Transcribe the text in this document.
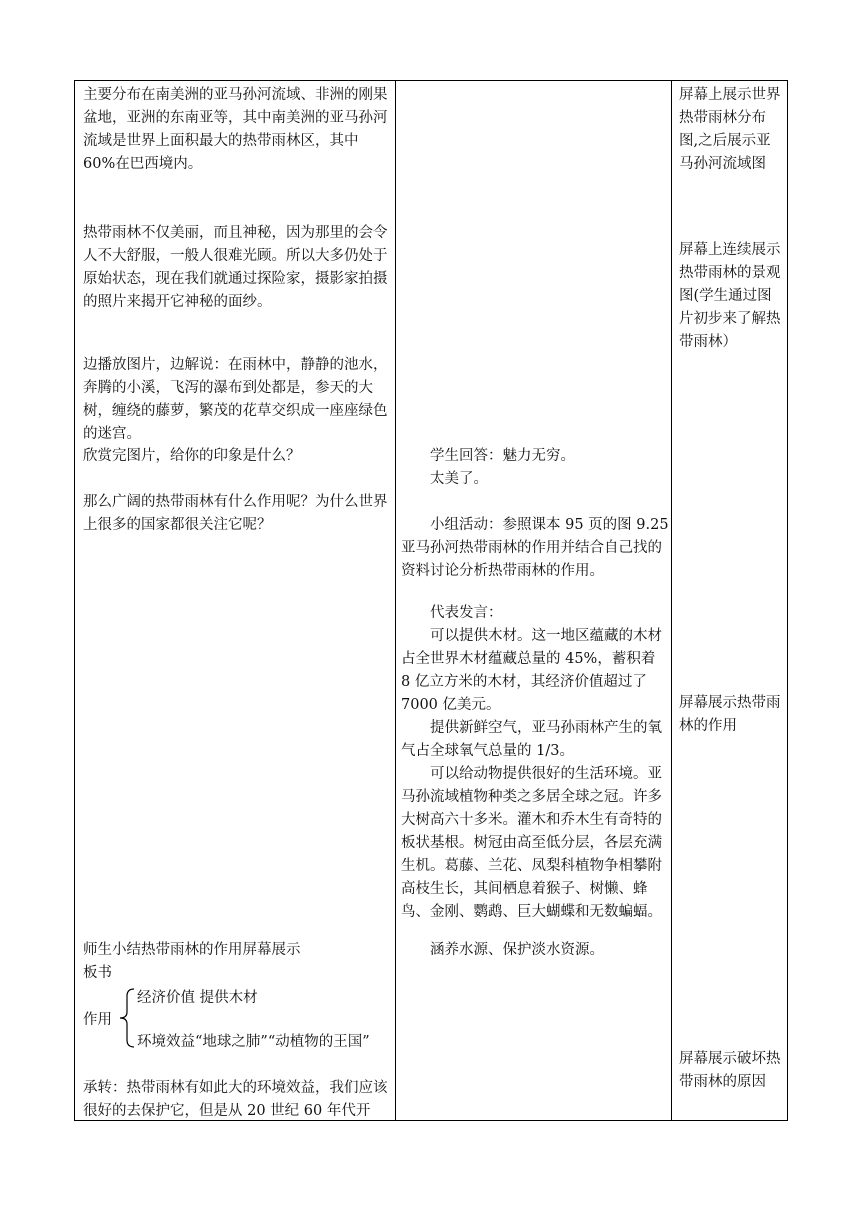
主要分布在南美洲的亚马孙河流域、非洲的刚果盆地，亚洲的东南亚等，其中南美洲的亚马孙河流域是世界上面积最大的热带雨林区，其中 60%在巴西境内。

热带雨林不仅美丽，而且神秘，因为那里的会令人不大舒服，一般人很难光顾。所以大多仍处于原始状态，现在我们就通过探险家，摄影家拍摄的照片来揭开它神秘的面纱。

边播放图片，边解说：在雨林中，静静的池水，奔腾的小溪，飞泻的瀑布到处都是，参天的大树，缠绕的藤萝，繁茂的花草交织成一座座绿色的迷宫。

欣赏完图片，给你的印象是什么？

那么广阔的热带雨林有什么作用呢？为什么世界上很多的国家都很关注它呢？

师生小结热带雨林的作用屏幕展示

板书

作用

经济价值 提供木材

环境效益“地球之肺”“动植物的王国”

承转：热带雨林有如此大的环境效益，我们应该很好的去保护它，但是从 20 世纪 60 年代开

学生回答：魅力无穷。

太美了。

小组活动：参照课本 95 页的图 9.25 亚马孙河热带雨林的作用并结合自己找的资料讨论分析热带雨林的作用。

代表发言：

可以提供木材。这一地区蕴藏的木材占全世界木材蕴藏总量的 45%，蓄积着 8 亿立方米的木材，其经济价值超过了 7000 亿美元。

提供新鲜空气，亚马孙雨林产生的氧气占全球氧气总量的 1/3。

可以给动物提供很好的生活环境。亚马孙流域植物种类之多居全球之冠。许多大树高六十多米。灌木和乔木生有奇特的板状基根。树冠由高至低分层，各层充满生机。葛藤、兰花、凤梨科植物争相攀附高枝生长，其间栖息着猴子、树懒、蜂鸟、金刚、鹦鹉、巨大蝴蝶和无数蝙蝠。

涵养水源、保护淡水资源。

屏幕上展示世界热带雨林分布图,之后展示亚马孙河流域图

屏幕上连续展示热带雨林的景观图(学生通过图片初步来了解热带雨林）

屏幕展示热带雨林的作用

屏幕展示破坏热带雨林的原因
